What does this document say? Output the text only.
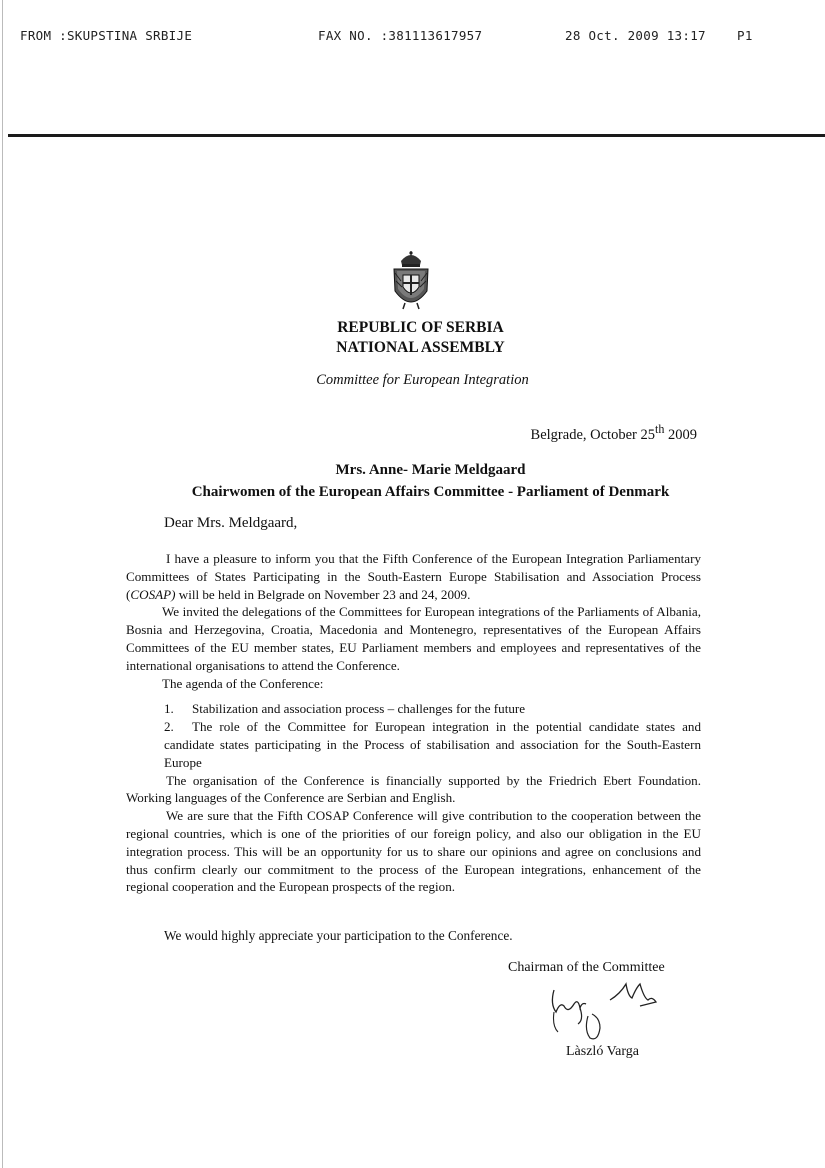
FROM :SKUPSTINA SRBIJE	FAX NO. :381113617957	28 Oct. 2009 13:17 P1
REPUBLIC OF SERBIA
NATIONAL ASSEMBLY
Committee for European Integration
Belgrade, October 25th 2009
Mrs. Anne- Marie Meldgaard
Chairwomen of the European Affairs Committee - Parliament of Denmark
Dear Mrs. Meldgaard,

I have a pleasure to inform you that the Fifth Conference of the European Integration Parliamentary Committees of States Participating in the South-Eastern Europe Stabilisation and Association Process (COSAP) will be held in Belgrade on November 23 and 24, 2009.

We invited the delegations of the Committees for European integrations of the Parliaments of Albania, Bosnia and Herzegovina, Croatia, Macedonia and Montenegro, representatives of the European Affairs Committees of the EU member states, EU Parliament members and employees and representatives of the international organisations to attend the Conference.

The agenda of the Conference:

1. Stabilization and association process – challenges for the future
2. The role of the Committee for European integration in the potential candidate states and candidate states participating in the Process of stabilisation and association for the South-Eastern Europe

The organisation of the Conference is financially supported by the Friedrich Ebert Foundation. Working languages of the Conference are Serbian and English.

We are sure that the Fifth COSAP Conference will give contribution to the cooperation between the regional countries, which is one of the priorities of our foreign policy, and also our obligation in the EU integration process. This will be an opportunity for us to share our opinions and agree on conclusions and thus confirm clearly our commitment to the process of the European integrations, enhancement of the regional cooperation and the European prospects of the region.

We would highly appreciate your participation to the Conference.
Chairman of the Committee
Làszló Varga
